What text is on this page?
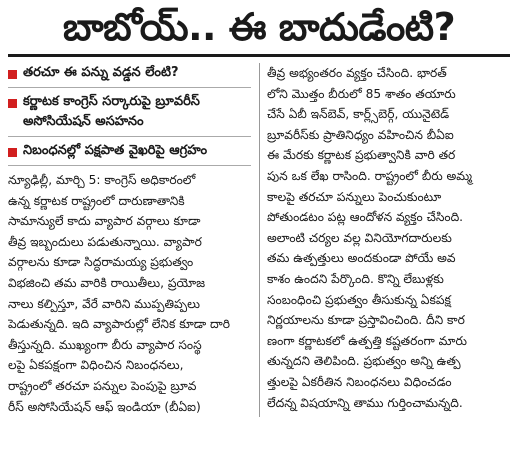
బాబోయ్.. ఈ బాదుడేంటి?
తరచూ ఈ పన్ను వడ్డన లేంటి?
కర్ణాటక కాంగ్రెస్ సర్కారుపై బ్రూవరీస్ అసోసియేషన్ అసహనం
నిబంధనల్లో పక్షపాత వైఖరిపై ఆగ్రహం

న్యూఢిల్లీ, మార్చి 5: కాంగ్రెస్ అధికారంలో

ఉన్న కర్ణాటక రాష్ట్రంలో దారుణాతానికి

సామాన్యులే కాదు వ్యాపార వర్గాలు కూడా

తీవ్ర ఇబ్బందులు పడుతున్నాయి. వ్యాపార

వర్గాలను కూడా సిద్ధరామయ్య ప్రభుత్వం

విభజించి తమ వారికి రాయితీలు, ప్రయోజ

నాలు కల్పిస్తూ, వేరే వారిని ముప్పతిప్పలు

పెడుతున్నది. ఇది వ్యాపారుల్లో లేనిక కూడా దారి

తీస్తున్నది. ముఖ్యంగా బీరు వ్యాపార సంస్థ

లపై ఏకపక్షంగా విధించిన నిబంధనలు,

రాష్ట్రంలో తరచూ పన్నుల పెంపుపై బ్రూవ

రీస్ అసోసియేషన్ ఆఫ్ ఇండియా (బీఏఐ)

తీవ్ర అభ్యంతరం వ్యక్తం చేసింది. భారత్

లోని మొత్తం బీరులో 85 శాతం తయారు

చేసే ఏబీ ఇన్‌బెవ్, కార్ల్స్‌బెర్గ్, యునైటెడ్

బ్రూవరీస్‌కు ప్రాతినిధ్యం వహించిన బీఏఐ

ఈ మేరకు కర్ణాటక ప్రభుత్వానికి వారి తర

పున ఒక లేఖ రాసింది. రాష్ట్రంలో బీరు అమ్మ

కాలపై తరచూ పన్నులు పెంచుకుంటూ

పోతుండటం పట్ల ఆందోళన వ్యక్తం చేసింది.

అలాంటి చర్యల వల్ల వినియోగదారులకు

తమ ఉత్పత్తులు అందకుండా పోయే అవ

కాశం ఉందని పేర్కొంది. కొన్ని లేబుళ్లకు

సంబంధించి ప్రభుత్వం తీసుకున్న ఏకపక్ష

నిర్ణయాలను కూడా ప్రస్తావించింది. దీని కార

ణంగా కర్ణాటకలో ఉత్పత్తి కష్టతరంగా మారు

తున్నదని తెలిపింది. ప్రభుత్వం అన్ని ఉత్ప

త్తులపై ఏకరీతిన నిబంధనలు విధించడం

లేదన్న విషయాన్ని తాము గుర్తించామన్నది.
